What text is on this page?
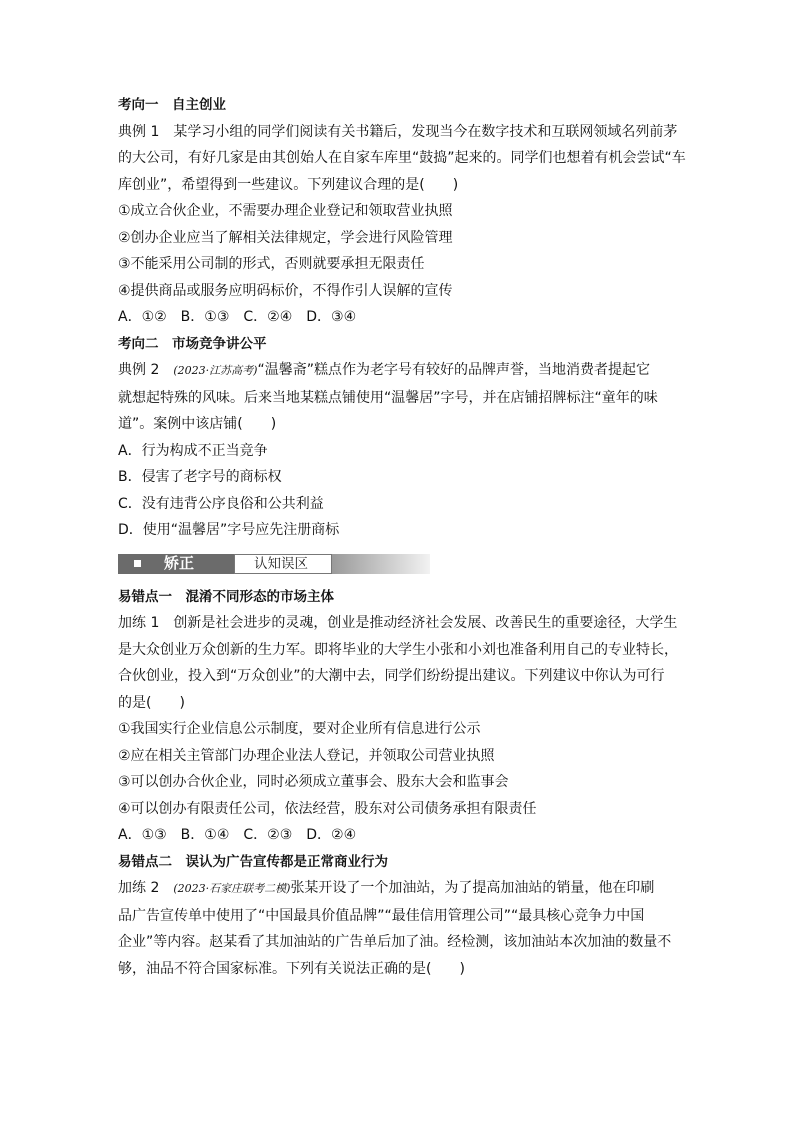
考向一　自主创业
典例 1 某学习小组的同学们阅读有关书籍后，发现当今在数字技术和互联网领域名列前茅
的大公司，有好几家是由其创始人在自家车库里“鼓捣”起来的。同学们也想着有机会尝试“车
库创业”，希望得到一些建议。下列建议合理的是(　　)
①成立合伙企业，不需要办理企业登记和领取营业执照
②创办企业应当了解相关法律规定，学会进行风险管理
③不能采用公司制的形式，否则就要承担无限责任
④提供商品或服务应明码标价，不得作引人误解的宣传
A．①②　B．①③　C．②④　D．③④
考向二　市场竞争讲公平
典例 2 (2023·江苏高考)“温馨斋”糕点作为老字号有较好的品牌声誉，当地消费者提起它
就想起特殊的风味。后来当地某糕点铺使用“温馨居”字号，并在店铺招牌标注“童年的味
道”。案例中该店铺(　　)
A．行为构成不正当竞争
B．侵害了老字号的商标权
C．没有违背公序良俗和公共利益
D．使用“温馨居”字号应先注册商标
矫正	认知误区
易错点一　混淆不同形态的市场主体
加练 1 创新是社会进步的灵魂，创业是推动经济社会发展、改善民生的重要途径，大学生
是大众创业万众创新的生力军。即将毕业的大学生小张和小刘也准备利用自己的专业特长，
合伙创业，投入到“万众创业”的大潮中去，同学们纷纷提出建议。下列建议中你认为可行
的是(　　)
①我国实行企业信息公示制度，要对企业所有信息进行公示
②应在相关主管部门办理企业法人登记，并领取公司营业执照
③可以创办合伙企业，同时必须成立董事会、股东大会和监事会
④可以创办有限责任公司，依法经营，股东对公司债务承担有限责任
A．①③　B．①④　C．②③　D．②④
易错点二　误认为广告宣传都是正常商业行为
加练 2 (2023·石家庄联考二模)张某开设了一个加油站，为了提高加油站的销量，他在印刷
品广告宣传单中使用了“中国最具价值品牌”“最佳信用管理公司”“最具核心竞争力中国
企业”等内容。赵某看了其加油站的广告单后加了油。经检测，该加油站本次加油的数量不
够，油品不符合国家标准。下列有关说法正确的是(　　)
